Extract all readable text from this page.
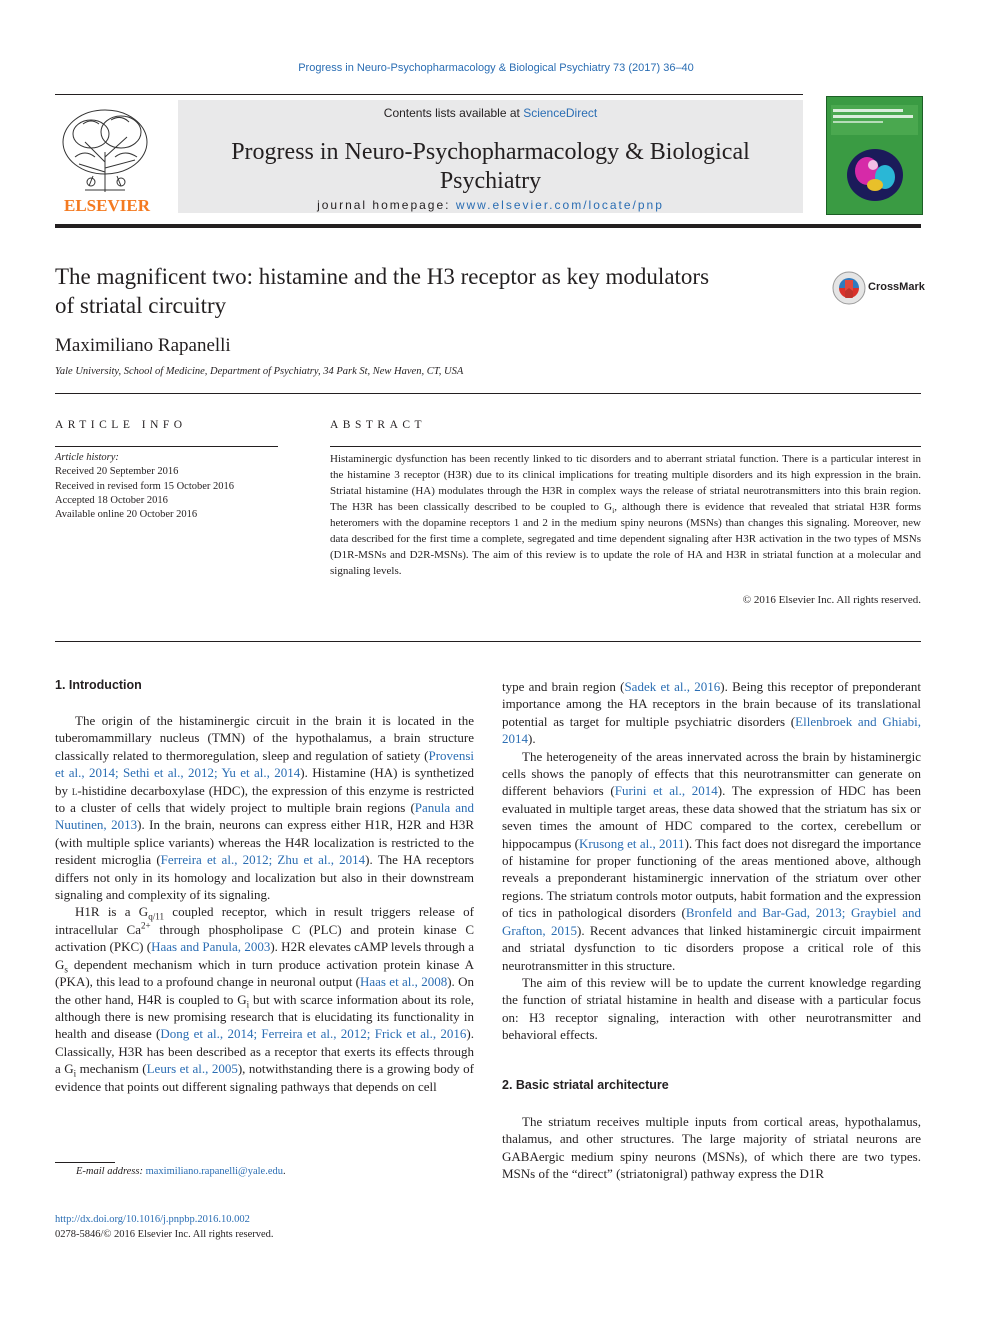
Progress in Neuro-Psychopharmacology & Biological Psychiatry 73 (2017) 36–40
ELSEVIER
Contents lists available at ScienceDirect
Progress in Neuro-Psychopharmacology & Biological
Psychiatry
journal homepage: www.elsevier.com/locate/pnp
The magnificent two: histamine and the H3 receptor as key modulators
of striatal circuitry
CrossMark
Maximiliano Rapanelli
Yale University, School of Medicine, Department of Psychiatry, 34 Park St, New Haven, CT, USA
ARTICLE INFO
Article history:
Received 20 September 2016
Received in revised form 15 October 2016
Accepted 18 October 2016
Available online 20 October 2016
ABSTRACT
Histaminergic dysfunction has been recently linked to tic disorders and to aberrant striatal function. There is a particular interest in the histamine 3 receptor (H3R) due to its clinical implications for treating multiple disorders and its high expression in the brain. Striatal histamine (HA) modulates through the H3R in complex ways the release of striatal neurotransmitters into this brain region. The H3R has been classically described to be coupled to $G_i$, although there is evidence that revealed that striatal H3R forms heteromers with the dopamine receptors 1 and 2 in the medium spiny neurons (MSNs) than changes this signaling. Moreover, new data described for the first time a complete, segregated and time dependent signaling after H3R activation in the two types of MSNs (D1R-MSNs and D2R-MSNs). The aim of this review is to update the role of HA and H3R in striatal function at a molecular and signaling levels.
© 2016 Elsevier Inc. All rights reserved.
1. Introduction

The origin of the histaminergic circuit in the brain it is located in the tuberomammillary nucleus (TMN) of the hypothalamus, a brain structure classically related to thermoregulation, sleep and regulation of satiety (Provensi et al., 2014; Sethi et al., 2012; Yu et al., 2014). Histamine (HA) is synthetized by l-histidine decarboxylase (HDC), the expression of this enzyme is restricted to a cluster of cells that widely project to multiple brain regions (Panula and Nuutinen, 2013). In the brain, neurons can express either H1R, H2R and H3R (with multiple splice variants) whereas the H4R localization is restricted to the resident microglia (Ferreira et al., 2012; Zhu et al., 2014). The HA receptors differs not only in its homology and localization but also in their downstream signaling and complexity of its signaling.

H1R is a $G_{q/11}$ coupled receptor, which in result triggers release of intracellular $Ca^{2+}$ through phospholipase C (PLC) and protein kinase C activation (PKC) (Haas and Panula, 2003). H2R elevates cAMP levels through a $G_s$ dependent mechanism which in turn produce activation protein kinase A (PKA), this lead to a profound change in neuronal output (Haas et al., 2008). On the other hand, H4R is coupled to $G_i$ but with scarce information about its role, although there is new promising research that is elucidating its functionality in health and disease (Dong et al., 2014; Ferreira et al., 2012; Frick et al., 2016). Classically, H3R has been described as a receptor that exerts its effects through a $G_i$ mechanism (Leurs et al., 2005), notwithstanding there is a growing body of evidence that points out different signaling pathways that depends on cell

type and brain region (Sadek et al., 2016). Being this receptor of preponderant importance among the HA receptors in the brain because of its translational potential as target for multiple psychiatric disorders (Ellenbroek and Ghiabi, 2014).

The heterogeneity of the areas innervated across the brain by histaminergic cells shows the panoply of effects that this neurotransmitter can generate on different behaviors (Furini et al., 2014). The expression of HDC has been evaluated in multiple target areas, these data showed that the striatum has six or seven times the amount of HDC compared to the cortex, cerebellum or hippocampus (Krusong et al., 2011). This fact does not disregard the importance of histamine for proper functioning of the areas mentioned above, although reveals a preponderant histaminergic innervation of the striatum over other regions. The striatum controls motor outputs, habit formation and the expression of tics in pathological disorders (Bronfeld and Bar-Gad, 2013; Graybiel and Grafton, 2015). Recent advances that linked histaminergic circuit impairment and striatal dysfunction to tic disorders propose a critical role of this neurotransmitter in this structure.

The aim of this review will be to update the current knowledge regarding the function of striatal histamine in health and disease with a particular focus on: H3 receptor signaling, interaction with other neurotransmitter and behavioral effects.

2. Basic striatal architecture

The striatum receives multiple inputs from cortical areas, hypothalamus, thalamus, and other structures. The large majority of striatal neurons are GABAergic medium spiny neurons (MSNs), of which there are two types. MSNs of the “direct” (striatonigral) pathway express the D1R

E-mail address: maximiliano.rapanelli@yale.edu.
http://dx.doi.org/10.1016/j.pnpbp.2016.10.002
0278-5846/© 2016 Elsevier Inc. All rights reserved.
